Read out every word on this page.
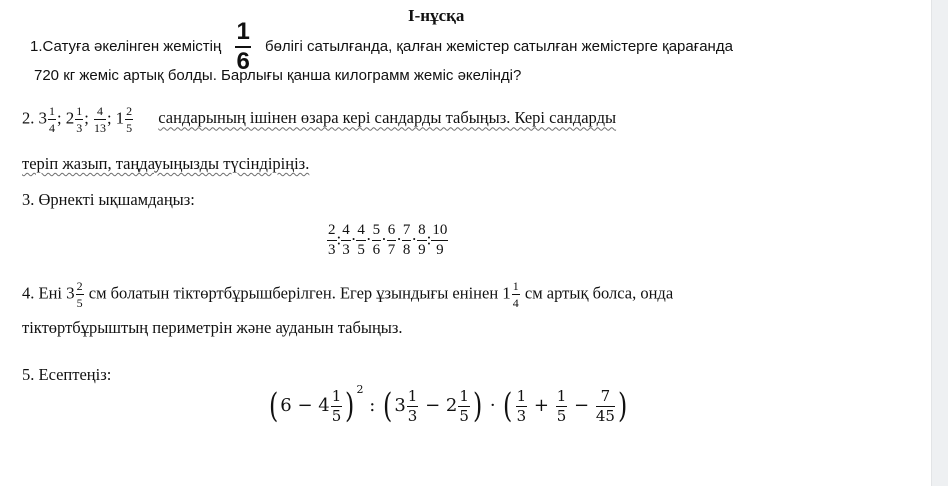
І-нұсқа
1.Сатуға әкелінген жемістің $\frac{1}{6}$ бөлігі сатылғанда, қалған жемістер сатылған жемістерге қарағанда
720 кг жеміс артық болды. Барлығы қанша килограмм жеміс әкелінді?
2. $3 \frac{1}{4}$ ; $2 \frac{1}{3}$ ; $\frac{4}{13}$ ; $1 \frac{2}{5}$ сандарының ішінен өзара кері сандарды табыңыз. Кері сандарды
теріп жазып, таңдауыңызды түсіндіріңіз.
3. Өрнекті ықшамдаңыз:
$\frac{2}{3}$ : $\frac{4}{3} \cdot \frac{4}{5} \cdot \frac{5}{6} \cdot \frac{6}{7} \cdot \frac{7}{8} \cdot \frac{8}{9}$ : $\frac{10}{9}$
4. Ені $3 \frac{2}{5}$ см болатын тіктөртбұрышберілген. Егер ұзындығы енінен $1 \frac{1}{4}$ см артық болса, онда
тіктөртбұрыштың периметрін және ауданын табыңыз.
5. Есептеңіз:
( $6 - 4 \frac{1}{5}$ ) $^2$ : ( $3 \frac{1}{3} - 2 \frac{1}{5}$ ) · ( $\frac{1}{3} + \frac{1}{5} - \frac{7}{45}$ )
